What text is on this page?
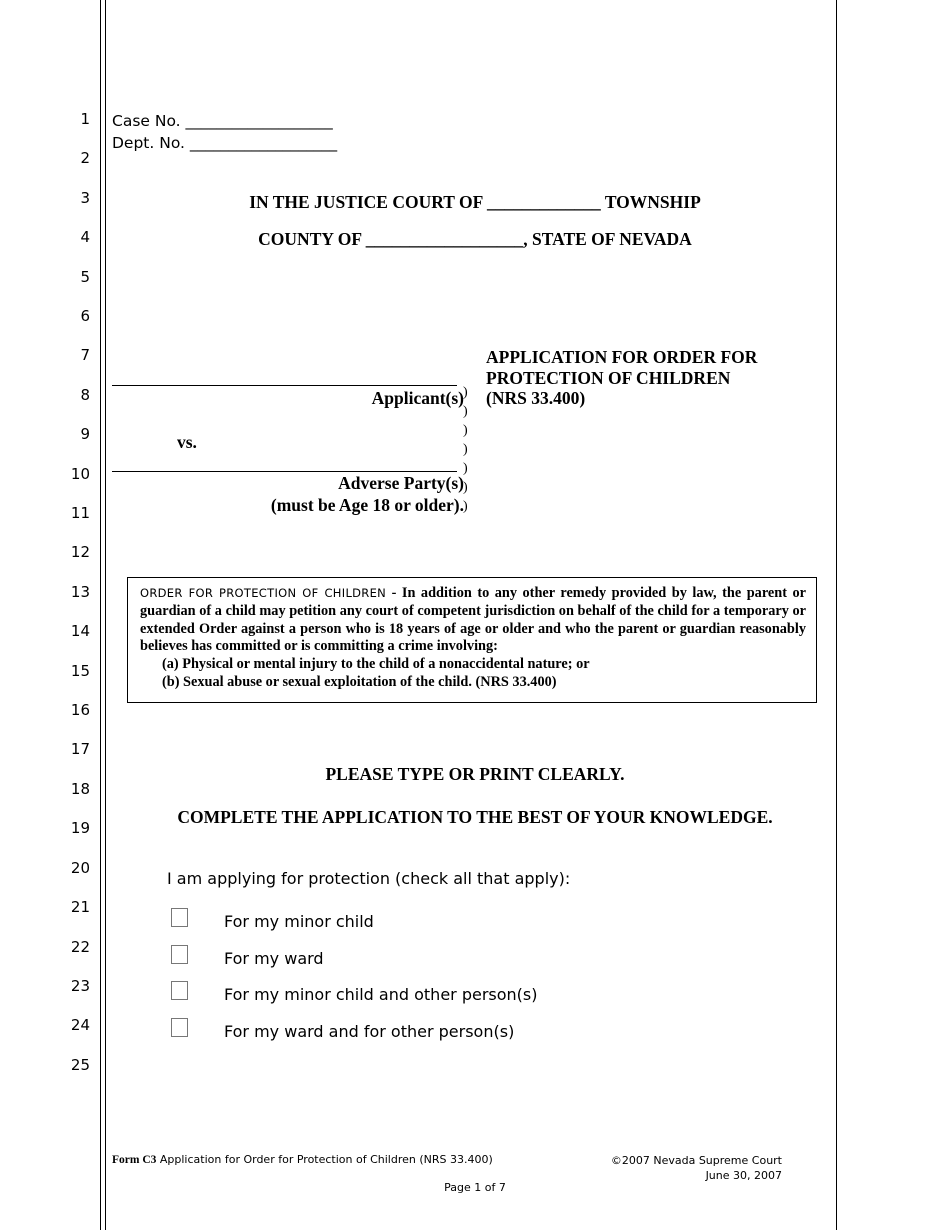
1
2
3
4
5
6
7
8
9
10
11
12
13
14
15
16
17
18
19
20
21
22
23
24
25
Case No. ___________________
Dept. No. ___________________
IN THE JUSTICE COURT OF _____________ TOWNSHIP
COUNTY OF __________________, STATE OF NEVADA
Applicant(s)
vs.
Adverse Party(s)
(must be Age 18 or older).
)
)
)
)
)
)
)
APPLICATION FOR ORDER FOR
PROTECTION OF CHILDREN
(NRS 33.400)
ORDER FOR PROTECTION OF CHILDREN - In addition to any other remedy provided by law, the parent or guardian of a child may petition any court of competent jurisdiction on behalf of the child for a temporary or extended Order against a person who is 18 years of age or older and who the parent or guardian reasonably believes has committed or is committing a crime involving:
(a) Physical or mental injury to the child of a nonaccidental nature; or
(b) Sexual abuse or sexual exploitation of the child. (NRS 33.400)
PLEASE TYPE OR PRINT CLEARLY.
COMPLETE THE APPLICATION TO THE BEST OF YOUR KNOWLEDGE.
I am applying for protection (check all that apply):
For my minor child
For my ward
For my minor child and other person(s)
For my ward and for other person(s)
Form C3 Application for Order for Protection of Children (NRS 33.400)	©2007 Nevada Supreme Court
June 30, 2007
Page 1 of 7
